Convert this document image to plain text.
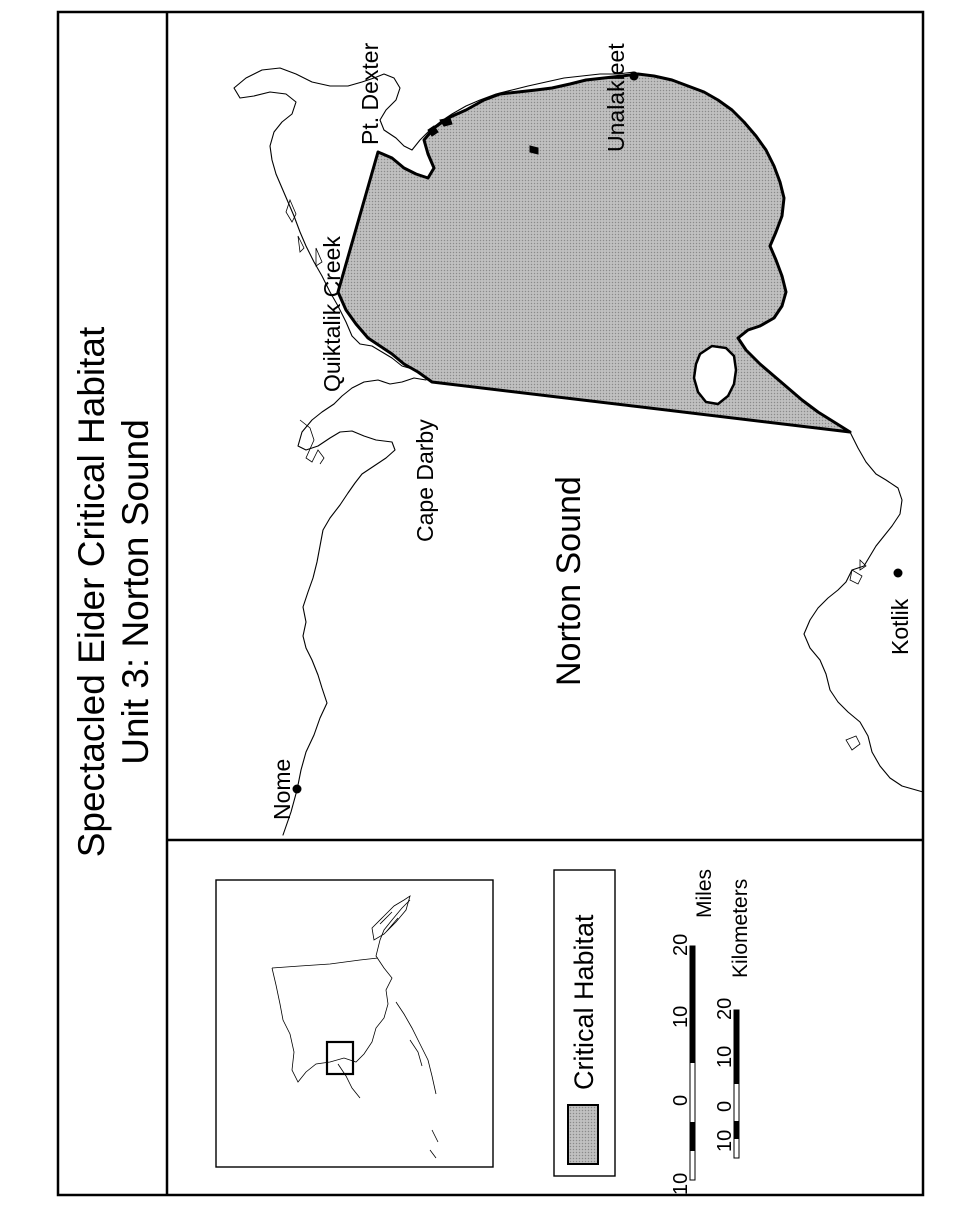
Spectacled Eider Critical Habitat Unit 3: Norton Sound
Pt. Dexter	Unalakleet
Quiktalik Creek
Cape Darby	Norton Sound	Kotlik
Nome
Critical Habitat
10
0
10
20
Miles
10
0
10
20
Kilometers
